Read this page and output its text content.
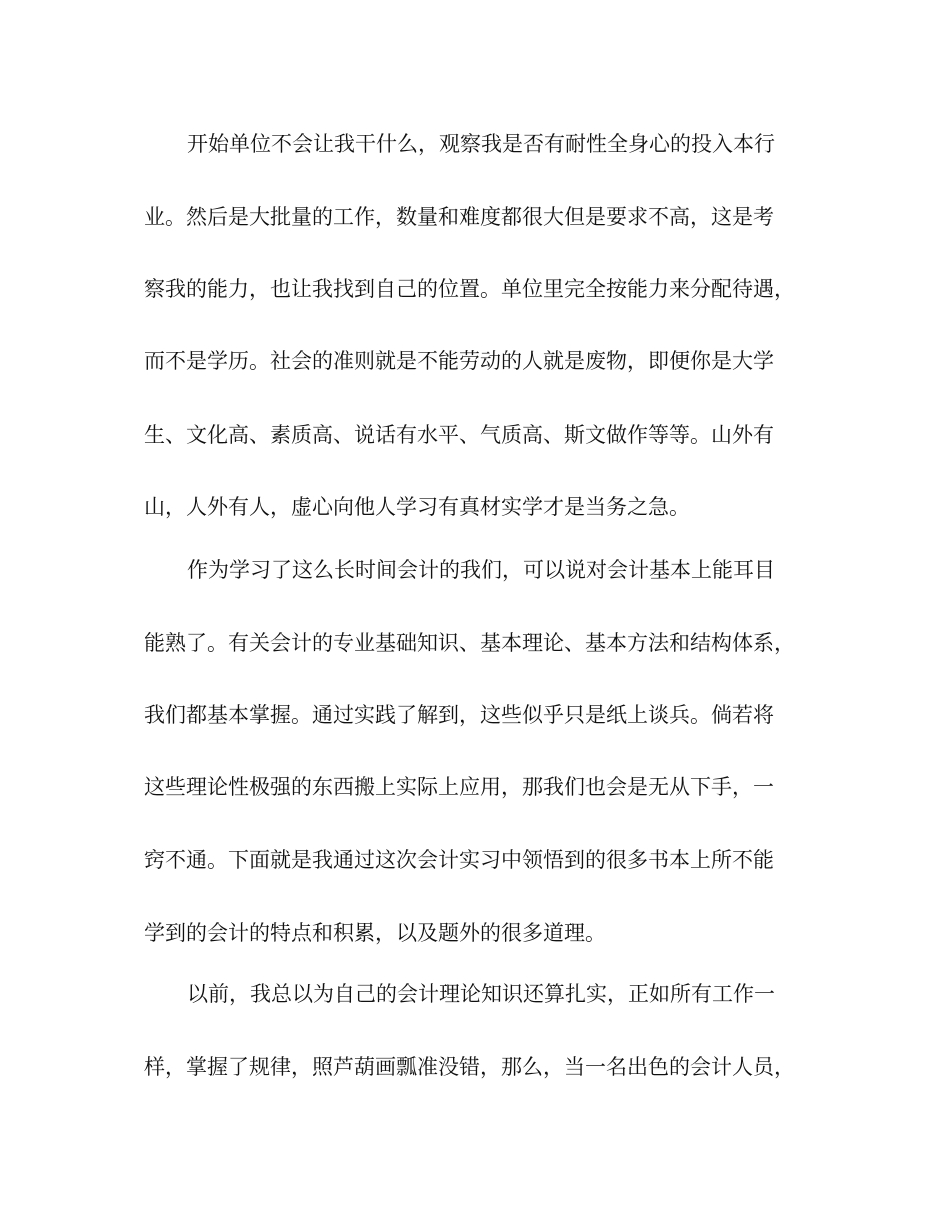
开始单位不会让我干什么，观察我是否有耐性全身心的投入本行
业。然后是大批量的工作，数量和难度都很大但是要求不高，这是考
察我的能力，也让我找到自己的位置。单位里完全按能力来分配待遇，
而不是学历。社会的准则就是不能劳动的人就是废物，即便你是大学
生、文化高、素质高、说话有水平、气质高、斯文做作等等。山外有
山，人外有人，虚心向他人学习有真材实学才是当务之急。
作为学习了这么长时间会计的我们，可以说对会计基本上能耳目
能熟了。有关会计的专业基础知识、基本理论、基本方法和结构体系，
我们都基本掌握。通过实践了解到，这些似乎只是纸上谈兵。倘若将
这些理论性极强的东西搬上实际上应用，那我们也会是无从下手，一
窍不通。下面就是我通过这次会计实习中领悟到的很多书本上所不能
学到的会计的特点和积累，以及题外的很多道理。
以前，我总以为自己的会计理论知识还算扎实，正如所有工作一
样，掌握了规律，照芦葫画瓢准没错，那么，当一名出色的会计人员，
